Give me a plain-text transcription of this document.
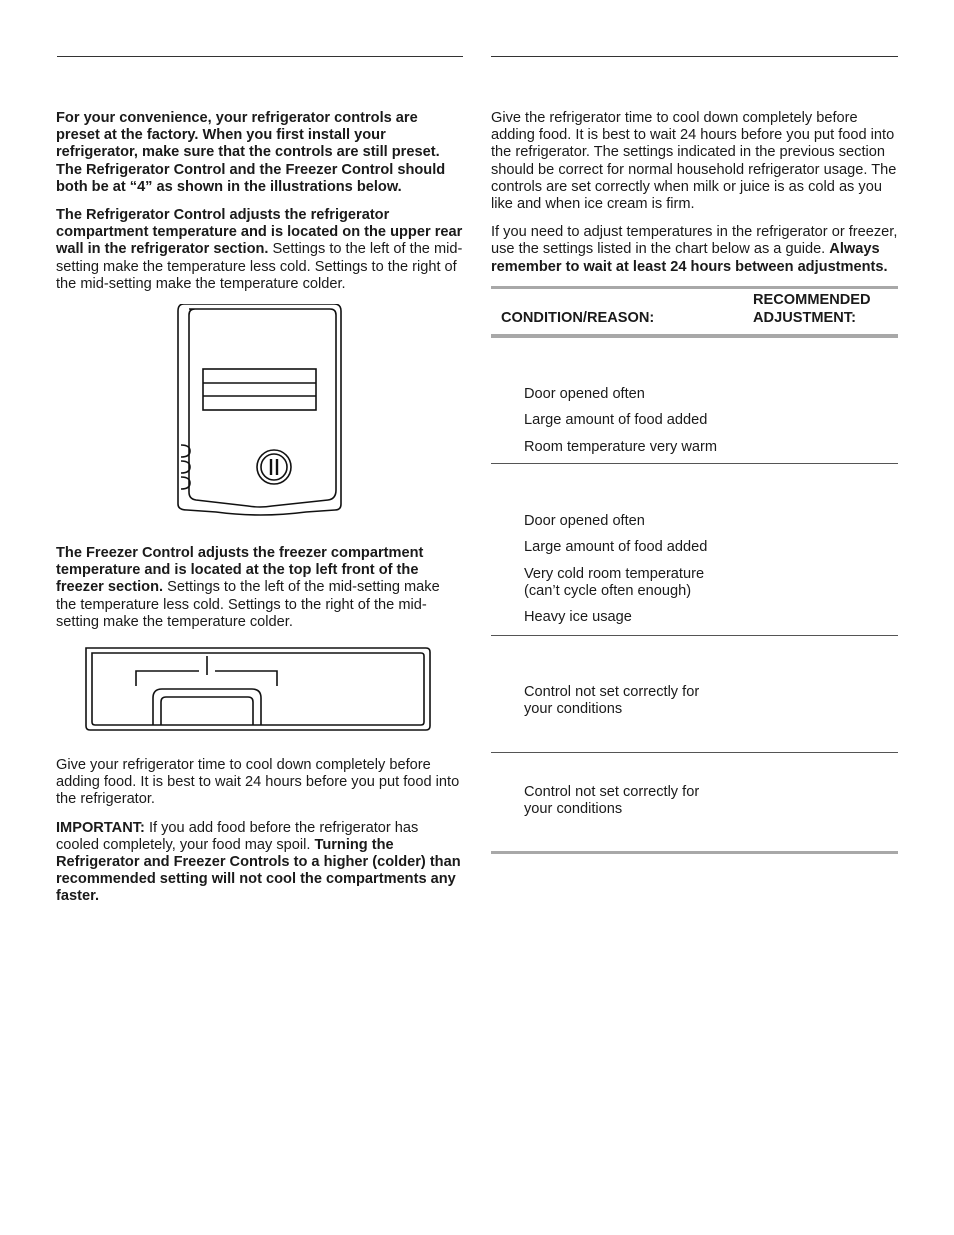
For your convenience, your refrigerator controls are preset at the factory. When you first install your refrigerator, make sure that the controls are still preset. The Refrigerator Control and the Freezer Control should both be at “4” as shown in the illustrations below.

The Refrigerator Control adjusts the refrigerator compartment temperature and is located on the upper rear wall in the refrigerator section. Settings to the left of the mid-setting make the temperature less cold. Settings to the right of the mid-setting make the temperature colder.

The Freezer Control adjusts the freezer compartment temperature and is located at the top left front of the freezer section. Settings to the left of the mid-setting make the temperature less cold. Settings to the right of the mid-setting make the temperature colder.

Give your refrigerator time to cool down completely before adding food. It is best to wait 24 hours before you put food into the refrigerator.

IMPORTANT: If you add food before the refrigerator has cooled completely, your food may spoil. Turning the Refrigerator and Freezer Controls to a higher (colder) than recommended setting will not cool the compartments any faster.

Give the refrigerator time to cool down completely before adding food. It is best to wait 24 hours before you put food into the refrigerator. The settings indicated in the previous section should be correct for normal household refrigerator usage. The controls are set correctly when milk or juice is as cold as you like and when ice cream is firm.

If you need to adjust temperatures in the refrigerator or freezer, use the settings listed in the chart below as a guide. Always remember to wait at least 24 hours between adjustments.

CONDITION/REASON:
RECOMMENDED
ADJUSTMENT:
Door opened often
Large amount of food added
Room temperature very warm
Door opened often
Large amount of food added
Very cold room temperature
(can’t cycle often enough)
Heavy ice usage
Control not set correctly for
your conditions
Control not set correctly for
your conditions
